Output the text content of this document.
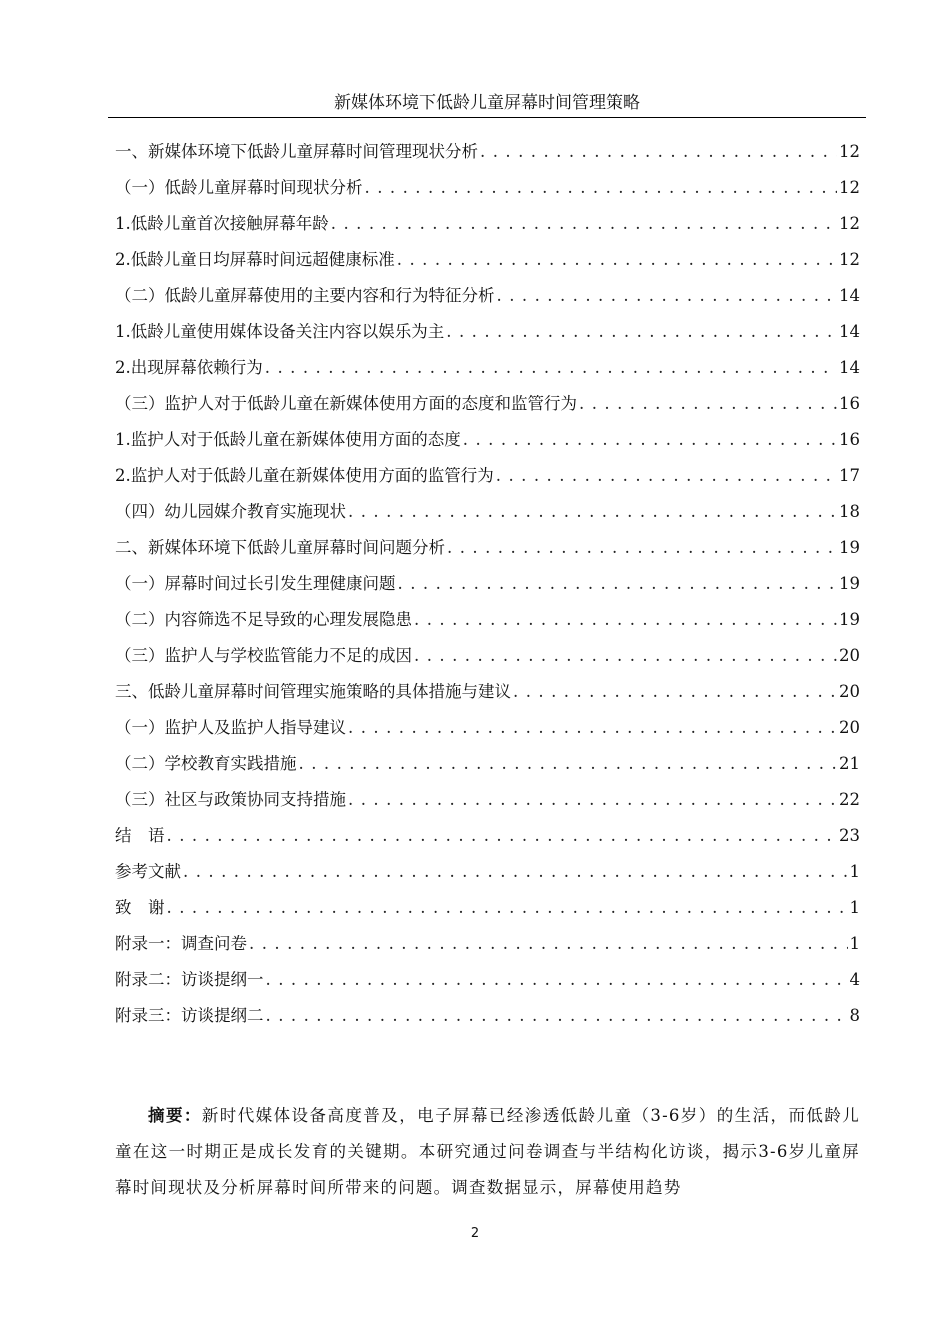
新媒体环境下低龄儿童屏幕时间管理策略
一、新媒体环境下低龄儿童屏幕时间管理现状分析 . . .	12
（一）低龄儿童屏幕时间现状分析 . . .	12
1.低龄儿童首次接触屏幕年龄 . . .	12
2.低龄儿童日均屏幕时间远超健康标准 . . .	12
（二）低龄儿童屏幕使用的主要内容和行为特征分析 . . .	14
1.低龄儿童使用媒体设备关注内容以娱乐为主 . . .	14
2.出现屏幕依赖行为 . . .	14
（三）监护人对于低龄儿童在新媒体使用方面的态度和监管行为 . . .	16
1.监护人对于低龄儿童在新媒体使用方面的态度 . . .	16
2.监护人对于低龄儿童在新媒体使用方面的监管行为 . . .	17
（四）幼儿园媒介教育实施现状 . . .	18
二、新媒体环境下低龄儿童屏幕时间问题分析 . . .	19
（一）屏幕时间过长引发生理健康问题 . . .	19
（二）内容筛选不足导致的心理发展隐患 . . .	19
（三）监护人与学校监管能力不足的成因 . . .	20
三、低龄儿童屏幕时间管理实施策略的具体措施与建议 . . .	20
（一）监护人及监护人指导建议 . . .	20
（二）学校教育实践措施 . . .	21
（三）社区与政策协同支持措施 . . .	22
结　语 . . .	23
参考文献 . . .	1
致　谢 . . .	1
附录一：调查问卷 . . .	1
附录二：访谈提纲一 . . .	4
附录三：访谈提纲二 . . .	8
摘要：新时代媒体设备高度普及，电子屏幕已经渗透低龄儿童（3-6岁）的生活，而低龄儿童在这一时期正是成长发育的关键期。本研究通过问卷调查与半结构化访谈，揭示3-6岁儿童屏幕时间现状及分析屏幕时间所带来的问题。调查数据显示，屏幕使用趋势
2
